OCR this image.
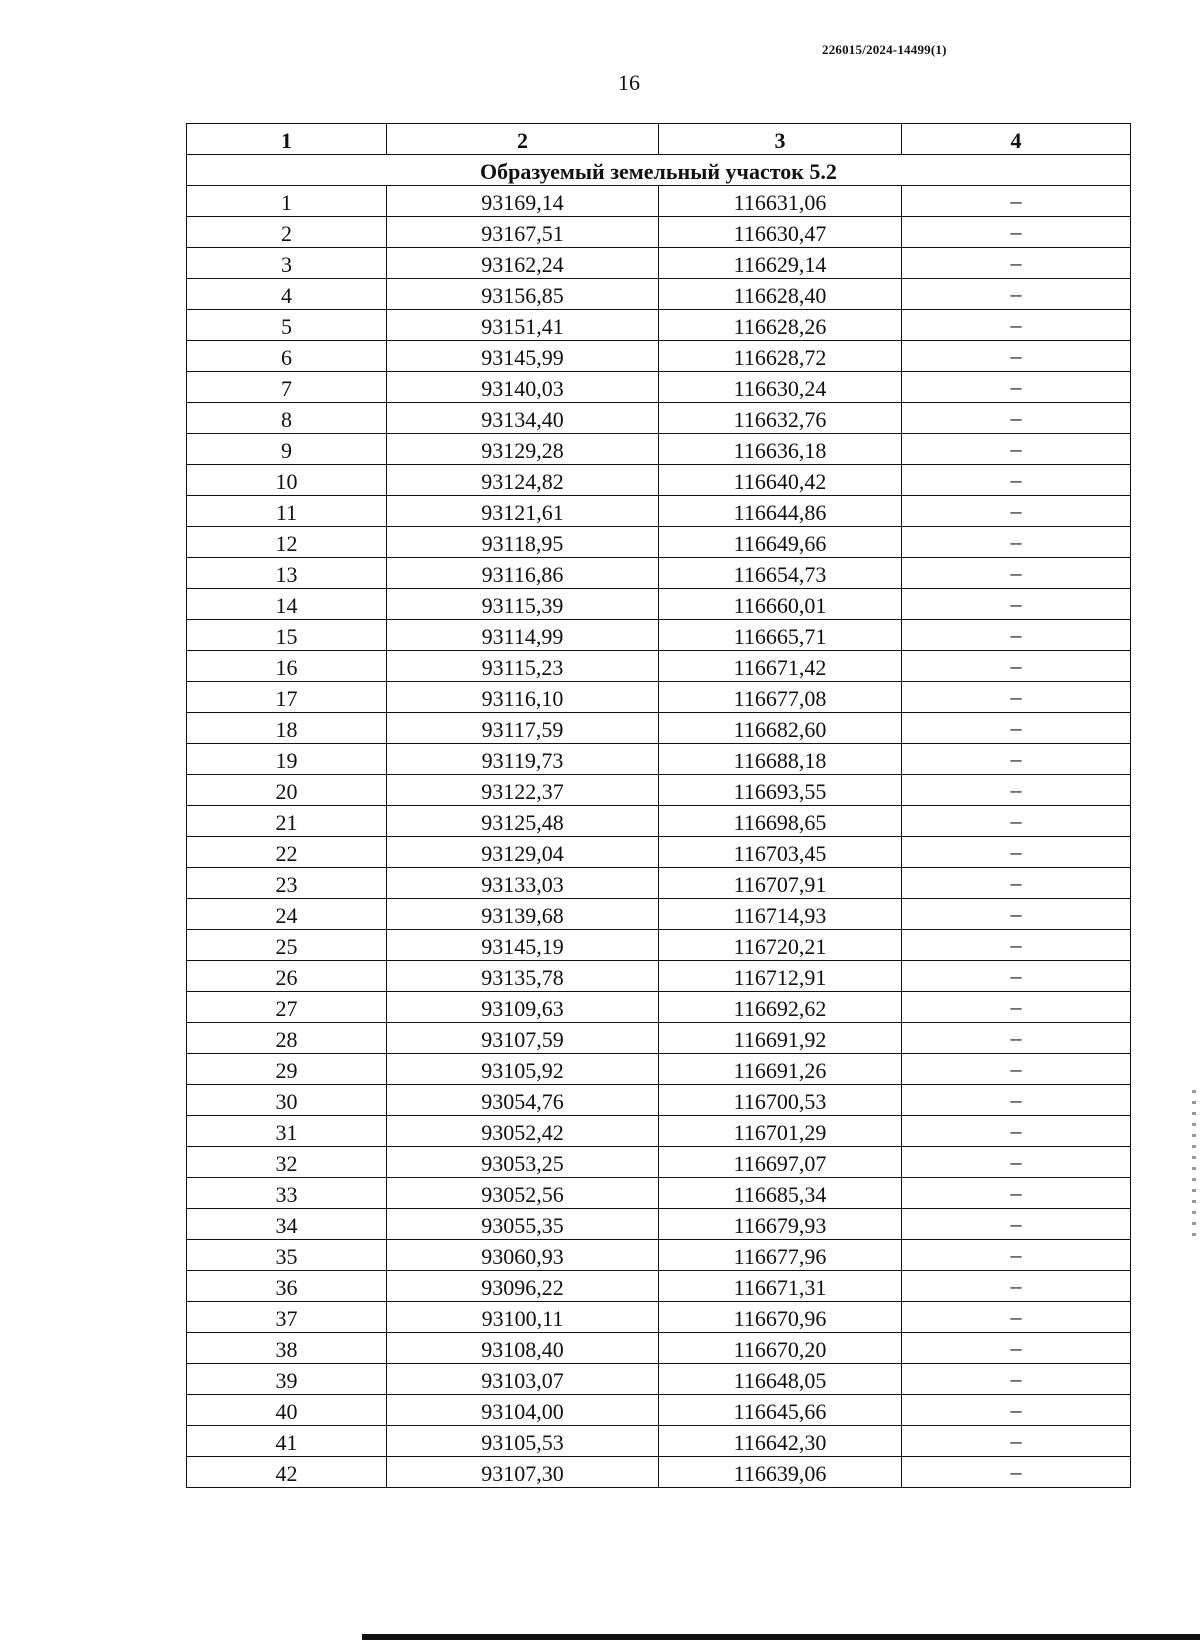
226015/2024-14499(1)
16
1	2	3	4
Образуемый земельный участок 5.2			
1	93169,14	116631,06	–
2	93167,51	116630,47	–
3	93162,24	116629,14	–
4	93156,85	116628,40	–
5	93151,41	116628,26	–
6	93145,99	116628,72	–
7	93140,03	116630,24	–
8	93134,40	116632,76	–
9	93129,28	116636,18	–
10	93124,82	116640,42	–
11	93121,61	116644,86	–
12	93118,95	116649,66	–
13	93116,86	116654,73	–
14	93115,39	116660,01	–
15	93114,99	116665,71	–
16	93115,23	116671,42	–
17	93116,10	116677,08	–
18	93117,59	116682,60	–
19	93119,73	116688,18	–
20	93122,37	116693,55	–
21	93125,48	116698,65	–
22	93129,04	116703,45	–
23	93133,03	116707,91	–
24	93139,68	116714,93	–
25	93145,19	116720,21	–
26	93135,78	116712,91	–
27	93109,63	116692,62	–
28	93107,59	116691,92	–
29	93105,92	116691,26	–
30	93054,76	116700,53	–
31	93052,42	116701,29	–
32	93053,25	116697,07	–
33	93052,56	116685,34	–
34	93055,35	116679,93	–
35	93060,93	116677,96	–
36	93096,22	116671,31	–
37	93100,11	116670,96	–
38	93108,40	116670,20	–
39	93103,07	116648,05	–
40	93104,00	116645,66	–
41	93105,53	116642,30	–
42	93107,30	116639,06	–
